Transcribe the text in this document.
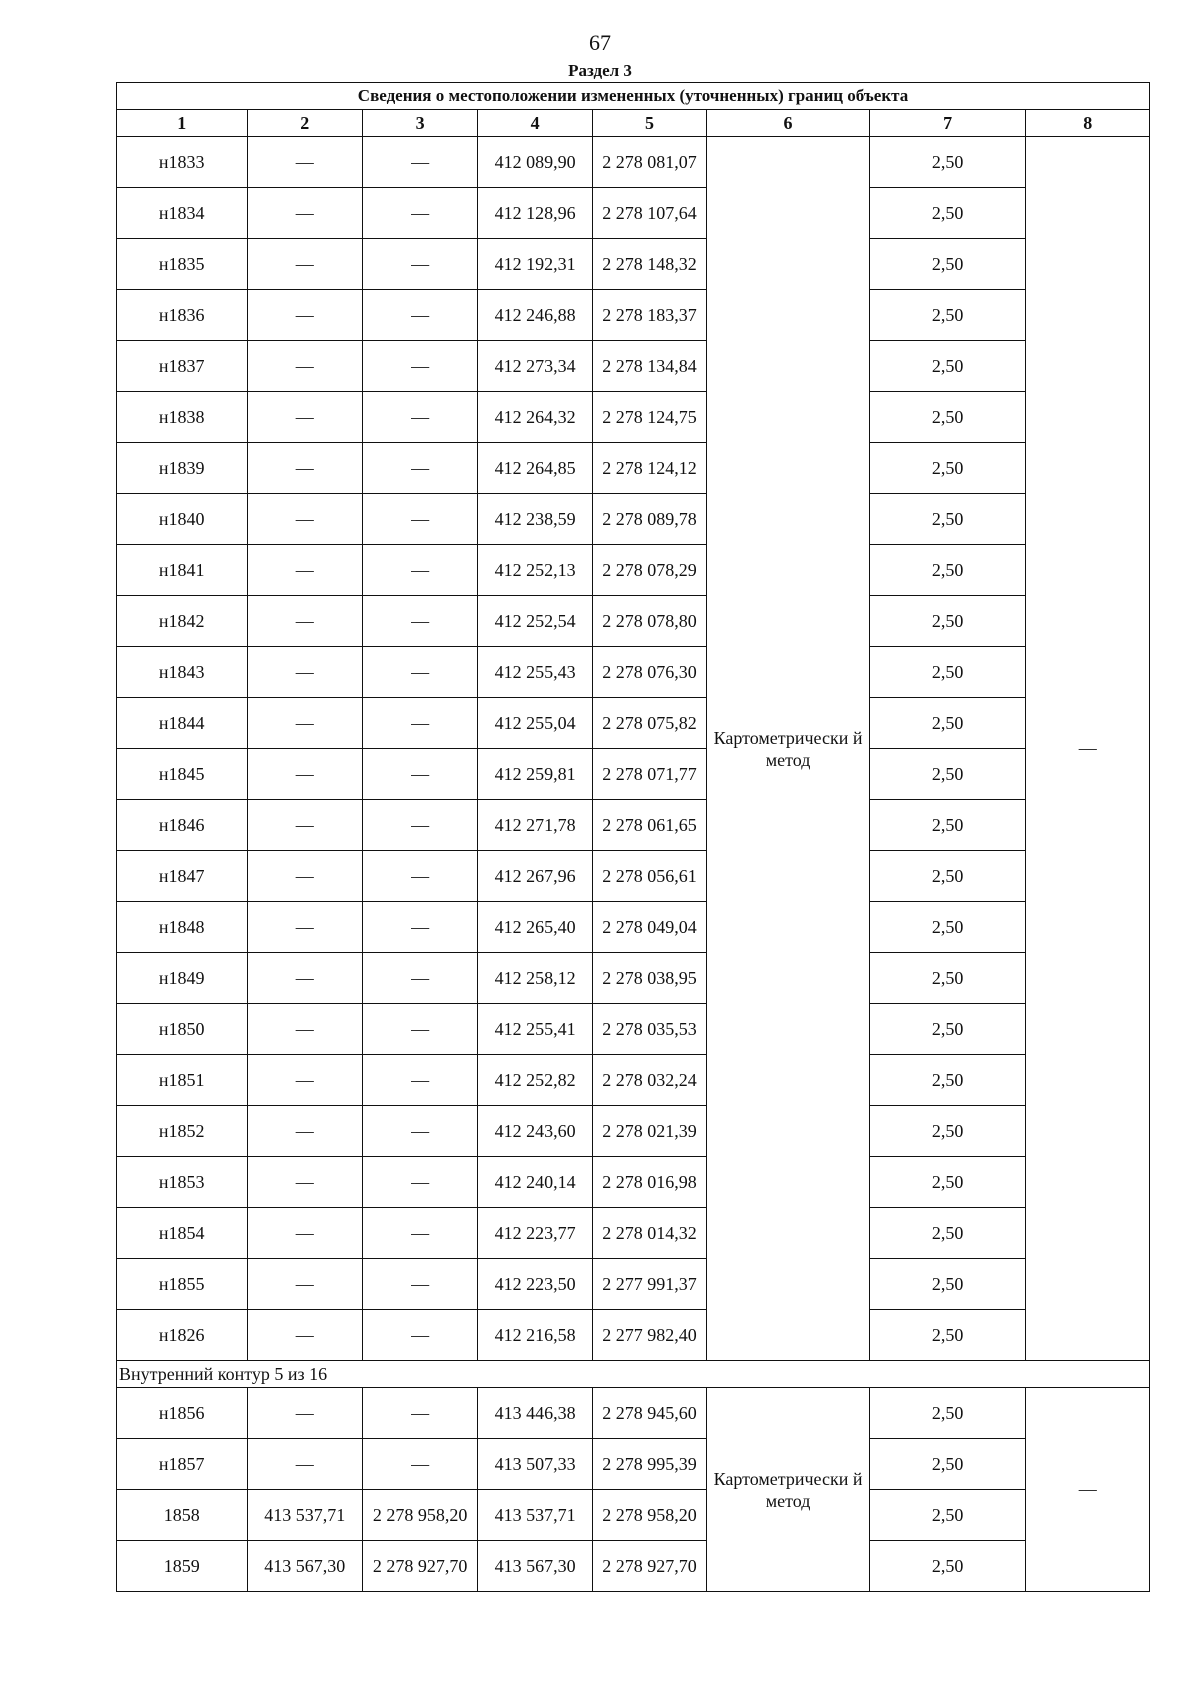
67
Раздел 3
Сведения о местоположении измененных (уточненных) границ объекта							
1	2	3	4	5	6	7	8
н1833	—	—	412 089,90	2 278 081,07	Картометрически й метод	2,50	—
н1834	—	—	412 128,96	2 278 107,64		2,50	
н1835	—	—	412 192,31	2 278 148,32		2,50	
н1836	—	—	412 246,88	2 278 183,37		2,50	
н1837	—	—	412 273,34	2 278 134,84		2,50	
н1838	—	—	412 264,32	2 278 124,75		2,50	
н1839	—	—	412 264,85	2 278 124,12		2,50	
н1840	—	—	412 238,59	2 278 089,78		2,50	
н1841	—	—	412 252,13	2 278 078,29		2,50	
н1842	—	—	412 252,54	2 278 078,80		2,50	
н1843	—	—	412 255,43	2 278 076,30		2,50	
н1844	—	—	412 255,04	2 278 075,82		2,50	
н1845	—	—	412 259,81	2 278 071,77		2,50	
н1846	—	—	412 271,78	2 278 061,65		2,50	
н1847	—	—	412 267,96	2 278 056,61		2,50	
н1848	—	—	412 265,40	2 278 049,04		2,50	
н1849	—	—	412 258,12	2 278 038,95		2,50	
н1850	—	—	412 255,41	2 278 035,53		2,50	
н1851	—	—	412 252,82	2 278 032,24		2,50	
н1852	—	—	412 243,60	2 278 021,39		2,50	
н1853	—	—	412 240,14	2 278 016,98		2,50	
н1854	—	—	412 223,77	2 278 014,32		2,50	
н1855	—	—	412 223,50	2 277 991,37		2,50	
н1826	—	—	412 216,58	2 277 982,40		2,50	
Внутренний контур 5 из 16							
н1856	—	—	413 446,38	2 278 945,60	Картометрически й метод	2,50	—
н1857	—	—	413 507,33	2 278 995,39		2,50	
1858	413 537,71	2 278 958,20	413 537,71	2 278 958,20		2,50	
1859	413 567,30	2 278 927,70	413 567,30	2 278 927,70		2,50	
